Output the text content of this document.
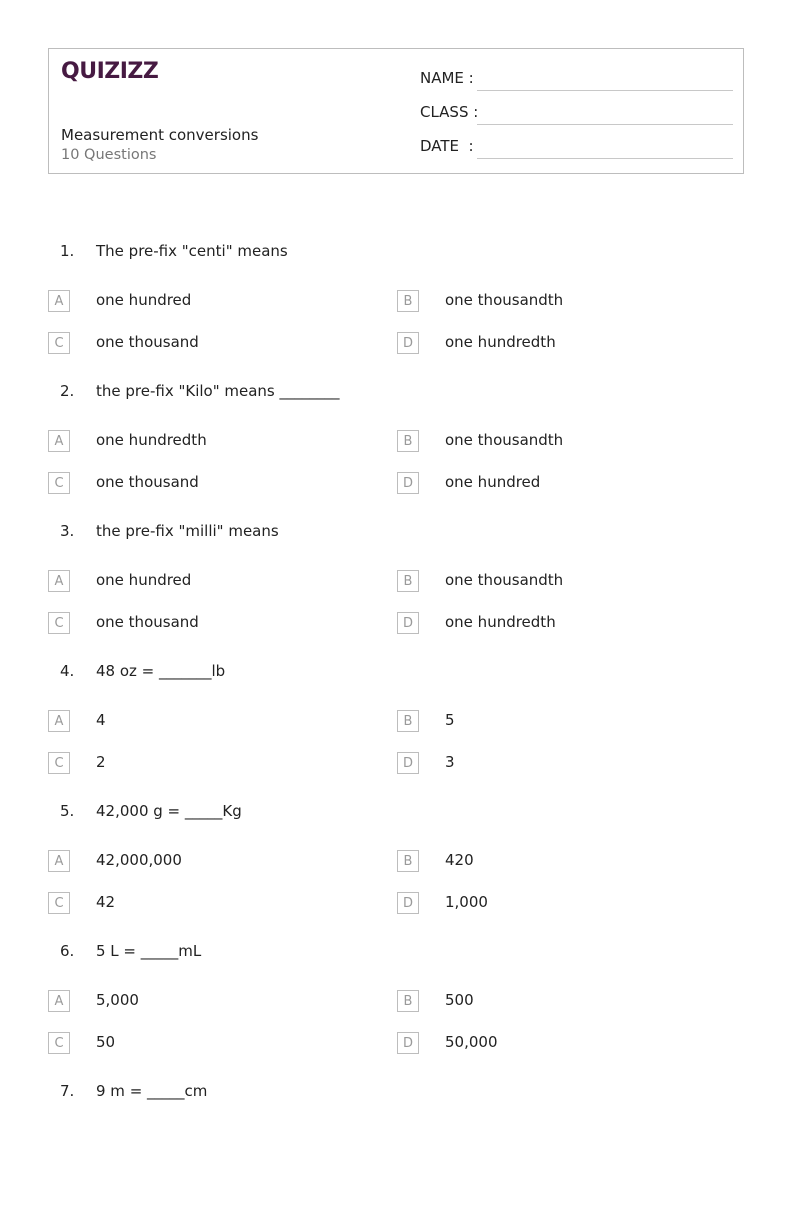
QUIZIZZ
Measurement conversions
10 Questions
NAME :
CLASS :
DATE  :
1. The pre-fix "centi" means
A	one hundred	B	one thousandth
C	one thousand	D	one hundredth
2. the pre-fix "Kilo" means ________
A	one hundredth	B	one thousandth
C	one thousand	D	one hundred
3. the pre-fix "milli" means
A	one hundred	B	one thousandth
C	one thousand	D	one hundredth
4. 48 oz = _______lb
A	4	B	5
C	2	D	3
5. 42,000 g = _____Kg
A	42,000,000	B	420
C	42	D	1,000
6. 5 L = _____mL
A	5,000	B	500
C	50	D	50,000
7. 9 m = _____cm
